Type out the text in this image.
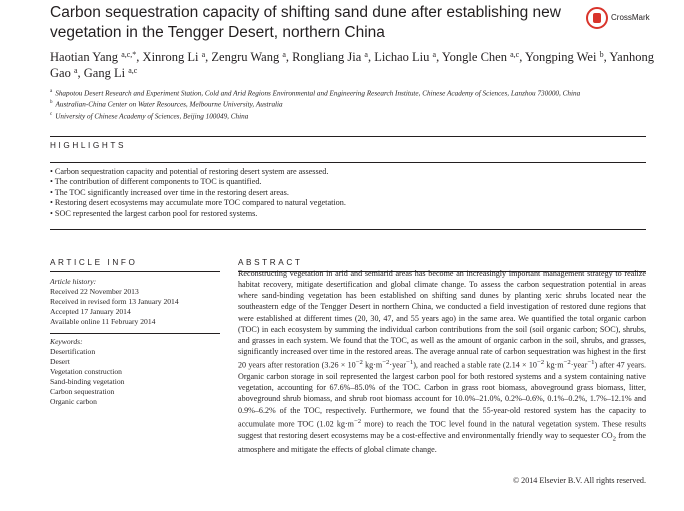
Carbon sequestration capacity of shifting sand dune after establishing new vegetation in the Tengger Desert, northern China
CrossMark
Haotian Yang $^{a,c,*}$, Xinrong Li $^a$, Zengru Wang $^a$, Rongliang Jia $^a$, Lichao Liu $^a$, Yongle Chen $^{a,c}$, Yongping Wei $^b$, Yanhong Gao $^a$, Gang Li $^{a,c}$
$^a$ Shapotou Desert Research and Experiment Station, Cold and Arid Regions Environmental and Engineering Research Institute, Chinese Academy of Sciences, Lanzhou 730000, China
$^b$ Australian-China Center on Water Resources, Melbourne University, Australia
$^c$ University of Chinese Academy of Sciences, Beijing 100049, China
HIGHLIGHTS
• Carbon sequestration capacity and potential of restoring desert system are assessed.
• The contribution of different components to TOC is quantified.
• The TOC significantly increased over time in the restoring desert areas.
• Restoring desert ecosystems may accumulate more TOC compared to natural vegetation.
• SOC represented the largest carbon pool for restored systems.
ARTICLE INFO	ABSTRACT
Article history:
Received 22 November 2013
Received in revised form 13 January 2014
Accepted 17 January 2014
Available online 11 February 2014
Keywords:
Desertification
Desert
Vegetation construction
Sand-binding vegetation
Carbon sequestration
Organic carbon
Reconstructing vegetation in arid and semiarid areas has become an increasingly important management strategy to realize habitat recovery, mitigate desertification and global climate change. To assess the carbon sequestration potential in areas where sand-binding vegetation has been established on shifting sand dunes by planting xeric shrubs located near the southeastern edge of the Tengger Desert in northern China, we conducted a field investigation of restored dune regions that were established at different times (20, 30, 47, and 55 years ago) in the same area. We quantified the total organic carbon (TOC) in each ecosystem by summing the individual carbon contributions from the soil (soil organic carbon; SOC), shrubs, and grasses in each system. We found that the TOC, as well as the amount of organic carbon in the soil, shrubs, and grasses, significantly increased over time in the restored areas. The average annual rate of carbon sequestration was highest in the first 20 years after restoration ($3.26 \times 10^{-2}$ $kg\cdot m^{-2}\cdot year^{-1}$), and reached a stable rate ($2.14 \times 10^{-2}$ $kg\cdot m^{-2}\cdot year^{-1}$) after 47 years. Organic carbon storage in soil represented the largest carbon pool for both restored systems and a system containing native vegetation, accounting for 67.6%–85.0% of the TOC. Carbon in grass root biomass, aboveground grass biomass, litter, aboveground shrub biomass, and shrub root biomass account for 10.0%–21.0%, 0.2%–0.6%, 0.1%–0.2%, 1.7%–12.1% and 0.9%–6.2% of the TOC, respectively. Furthermore, we found that the 55-year-old restored system has the capacity to accumulate more TOC (1.02 $kg\cdot m^{-2}$ more) to reach the TOC level found in the natural vegetation system. These results suggest that restoring desert ecosystems may be a cost-effective and environmentally friendly way to sequester $CO_2$ from the atmosphere and mitigate the effects of global climate change.
© 2014 Elsevier B.V. All rights reserved.
